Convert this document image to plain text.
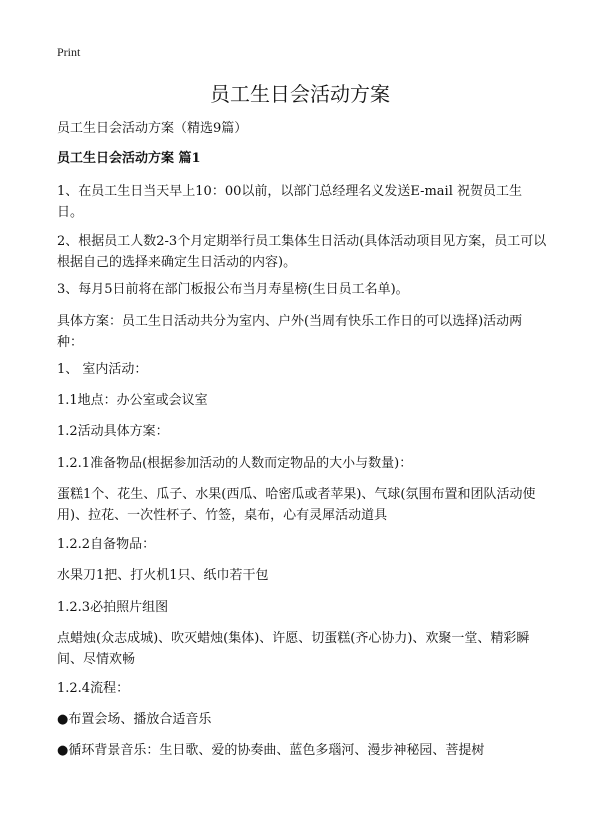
Print
员工生日会活动方案
员工生日会活动方案（精选9篇）
员工生日会活动方案 篇1
1、在员工生日当天早上10：00以前，以部门总经理名义发送E-mail 祝贺员工生日。
2、根据员工人数2-3个月定期举行员工集体生日活动(具体活动项目见方案，员工可以根据自己的选择来确定生日活动的内容)。
3、每月5日前将在部门板报公布当月寿星榜(生日员工名单)。
具体方案：员工生日活动共分为室内、户外(当周有快乐工作日的可以选择)活动两种：
1、 室内活动：
1.1地点：办公室或会议室
1.2活动具体方案：
1.2.1准备物品(根据参加活动的人数而定物品的大小与数量)：
蛋糕1个、花生、瓜子、水果(西瓜、哈密瓜或者苹果)、气球(氛围布置和团队活动使用)、拉花、一次性杯子、竹签，桌布，心有灵犀活动道具
1.2.2自备物品：
水果刀1把、打火机1只、纸巾若干包
1.2.3必拍照片组图
点蜡烛(众志成城)、吹灭蜡烛(集体)、许愿、切蛋糕(齐心协力)、欢聚一堂、精彩瞬间、尽情欢畅
1.2.4流程：
●布置会场、播放合适音乐
●循环背景音乐：生日歌、爱的协奏曲、蓝色多瑙河、漫步神秘园、菩提树
